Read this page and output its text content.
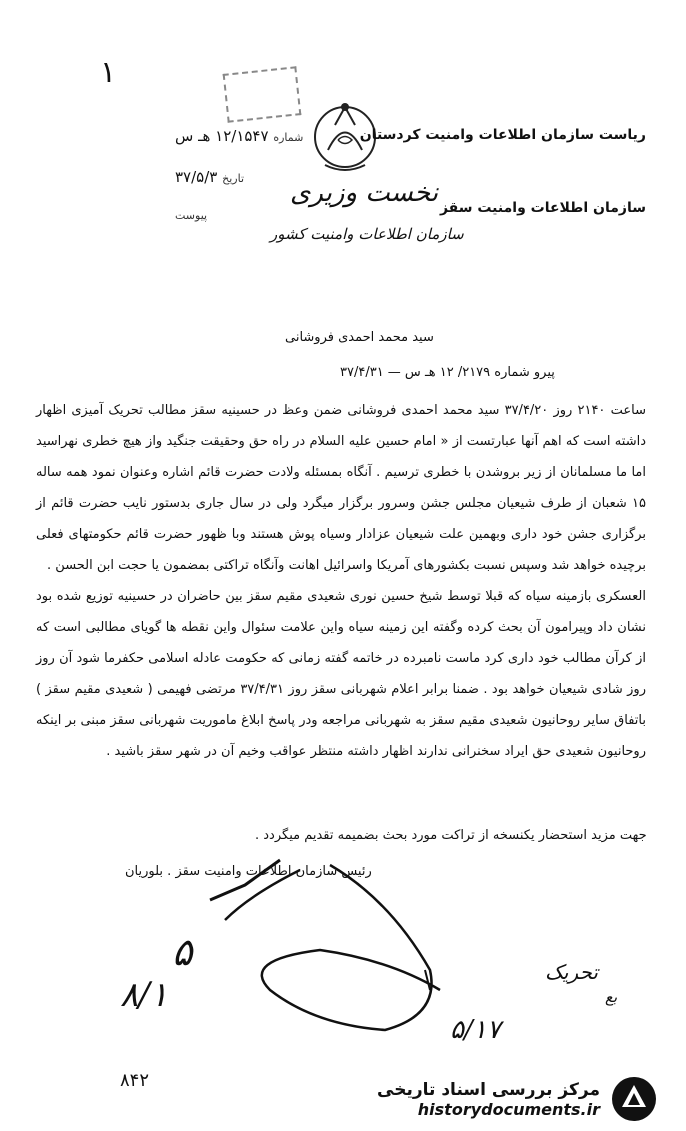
۱
ریاست سازمان اطلاعات وامنیت کردستان
سازمان اطلاعات وامنیت سقز
شماره ۱۲/۱۵۴۷ هـ س
تاریخ ۳۷/۵/۳
پیوست
نخست وزیری
سازمان اطلاعات وامنیت کشور
سید محمد احمدی فروشانی
پیرو شماره ۲۱۷۹/ ۱۲ هـ س — ۳۷/۴/۳۱

ساعت ۲۱۴۰ روز ۳۷/۴/۲۰ سید محمد احمدی فروشانی ضمن وعظ در حسینیه سقز مطالب تحریک آمیزی اظهار داشته است که اهم آنها عبارتست از « امام حسین علیه السلام در راه حق وحقیقت جنگید واز هیچ خطری نهراسید اما ما مسلمانان از زیر بروشدن با خطری ترسیم . آنگاه بمسئله ولادت حضرت قائم اشاره وعنوان نمود همه ساله ۱۵ شعبان از طرف شیعیان مجلس جشن وسرور برگزار میگرد ولی در سال جاری بدستور نایب حضرت قائم از برگزاری جشن خود داری وبهمین علت شیعیان عزادار وسیاه پوش هستند وبا ظهور حضرت قائم حکومتهای فعلی برچیده خواهد شد وسپس نسبت بکشورهای آمریکا واسرائیل اهانت وآنگاه تراکتی بمضمون یا حجت ابن الحسن .

العسکری بازمینه سیاه که قبلا توسط شیخ حسین نوری شعیدی مقیم سقز بین حاضران در حسینیه توزیع شده بود نشان داد وپیرامون آن بحث کرده وگفته این زمینه سیاه واین علامت سئوال واین نقطه ها گویای مطالبی است که از کرآن مطالب خود داری کرد ماست نامبرده در خاتمه گفته زمانی که حکومت عادله اسلامی حکفرما شود آن روز روز شادی شیعیان خواهد بود . ضمنا برابر اعلام شهربانی سقز روز ۳۷/۴/۳۱ مرتضی فهیمی ( شعیدی مقیم سقز ) باتفاق سایر روحانیون شعیدی مقیم سقز به شهربانی مراجعه ودر پاسخ ابلاغ ماموریت شهربانی سقز مبنی بر اینکه روحانیون شعیدی حق ایراد سخنرانی ندارند اظهار داشته منتظر عواقب وخیم آن در شهر سقز باشید .

جهت مزید استحضار یکنسخه از تراکت مورد بحث بضمیمه تقدیم میگردد .
رئیس سازمان اطلاعات وامنیت سقز . بلوریان
۵
۸/۱
۵/۱۷
تحریک
بع
۸۴۲	مرکز بررسی اسناد تاریخی
historydocuments.ir
